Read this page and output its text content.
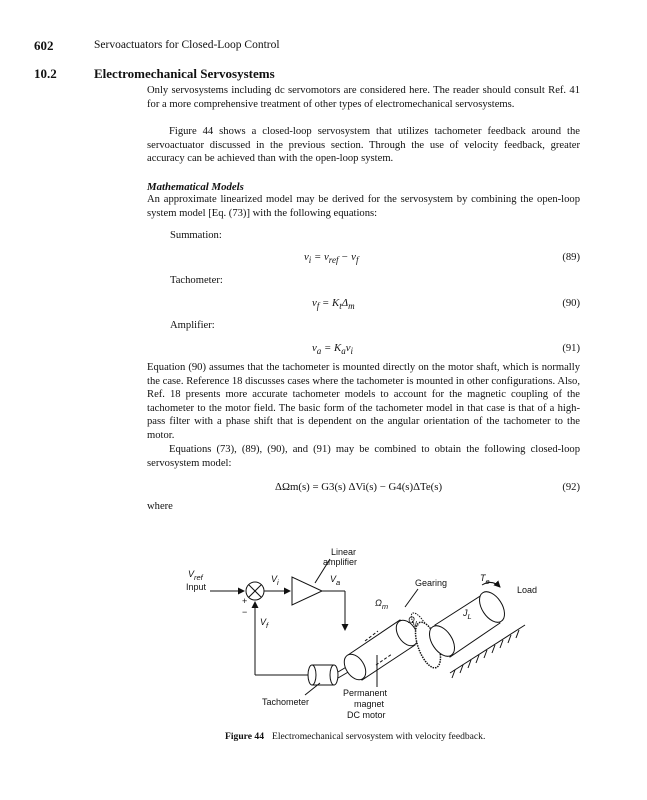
602	Servoactuators for Closed-Loop Control
10.2	Electromechanical Servosystems
Only servosystems including dc servomotors are considered here. The reader should consult Ref. 41 for a more comprehensive treatment of other types of electromechanical servosystems.
Figure 44 shows a closed-loop servosystem that utilizes tachometer feedback around the servoactuator discussed in the previous section. Through the use of velocity feedback, greater accuracy can be achieved than with the open-loop system.
Mathematical Models
An approximate linearized model may be derived for the servosystem by combining the open-loop system model [Eq. (73)] with the following equations:
Summation:
$v_i = v_{ref} - v_f$	(89)
Tachometer:
$v_f = K_t\Delta_m$	(90)
Amplifier:
$v_a = K_av_i$	(91)
Equation (90) assumes that the tachometer is mounted directly on the motor shaft, which is normally the case. Reference 18 discusses cases where the tachometer is mounted in other configurations. Also, Ref. 18 presents more accurate tachometer models to account for the magnetic coupling of the tachometer to the motor field. The basic form of the tachometer model in that case is that of a high-pass filter with a phase shift that is dependent on the angular orientation of the tachometer to the motor.
Equations (73), (89), (90), and (91) may be combined to obtain the following closed-loop servosystem model:
ΔΩm(s) = G3(s) ΔVi(s) − G4(s)ΔTe(s)	(92)
where
Linear
amplifier
$V_{ref}$
Input
$V_i$	$V_a$
+
−
$V_f$
Gearing	$T_e$
Load
$\Omega_m$
$\Omega_L$
$J_L$
Tachometer
Permanent
magnet
DC motor
Figure 44 Electromechanical servosystem with velocity feedback.
